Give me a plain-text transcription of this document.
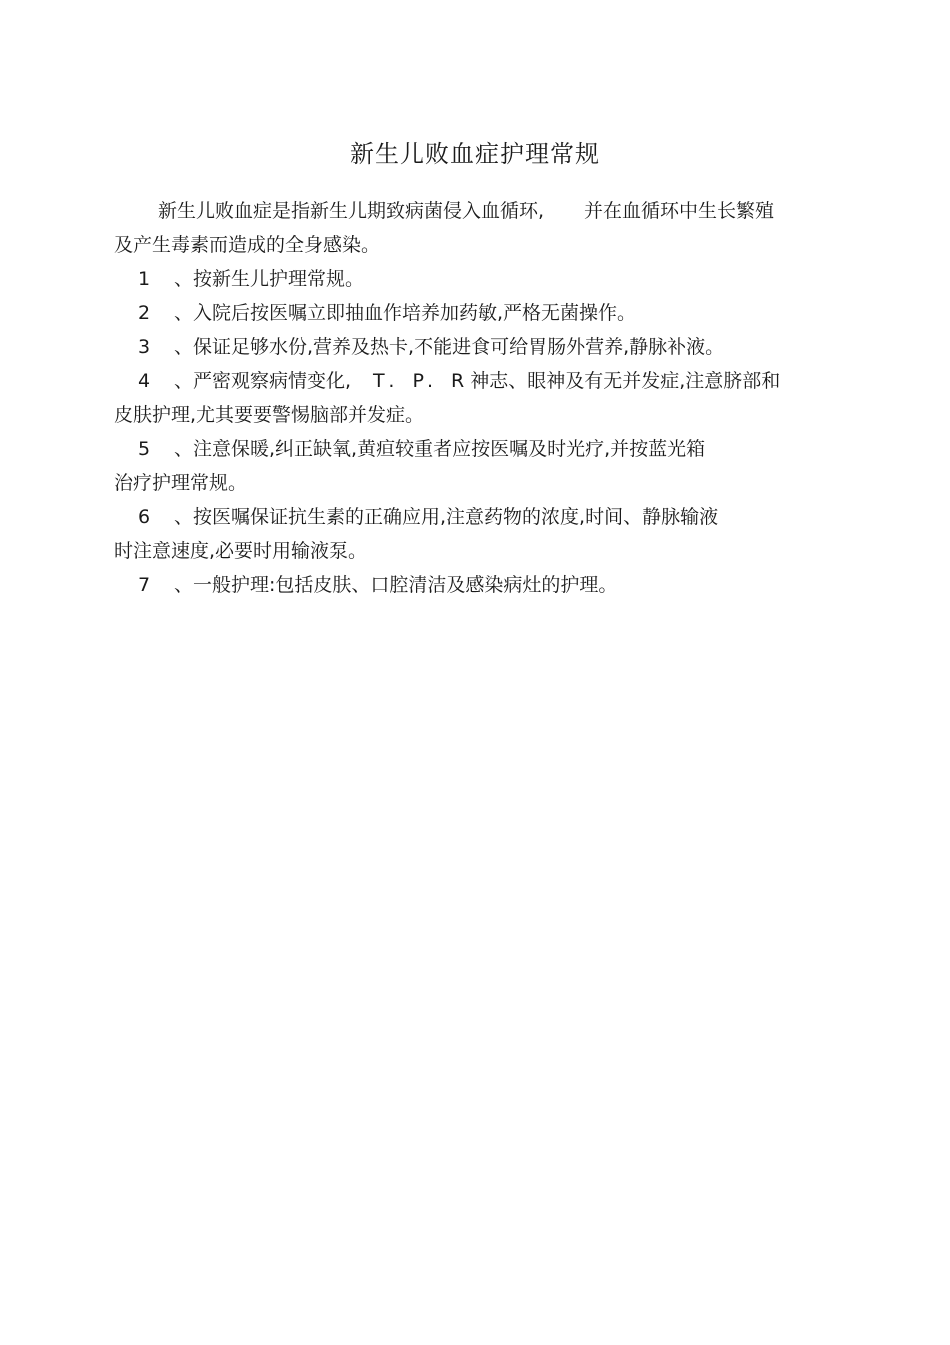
新生儿败血症护理常规
新生儿败血症是指新生儿期致病菌侵入血循环, 并在血循环中生长繁殖
及产生毒素而造成的全身感染。
1 、按新生儿护理常规。
2 、入院后按医嘱立即抽血作培养加药敏,严格无菌操作。
3 、保证足够水份,营养及热卡,不能进食可给胃肠外营养,静脉补液。
4 、严密观察病情变化, T. P. R神志、眼神及有无并发症,注意脐部和
皮肤护理,尤其要要警惕脑部并发症。
5 、注意保暖,纠正缺氧,黄疸较重者应按医嘱及时光疗,并按蓝光箱
治疗护理常规。
6 、按医嘱保证抗生素的正确应用,注意药物的浓度,时间、静脉输液
时注意速度,必要时用输液泵。
7 、一般护理:包括皮肤、口腔清洁及感染病灶的护理。
